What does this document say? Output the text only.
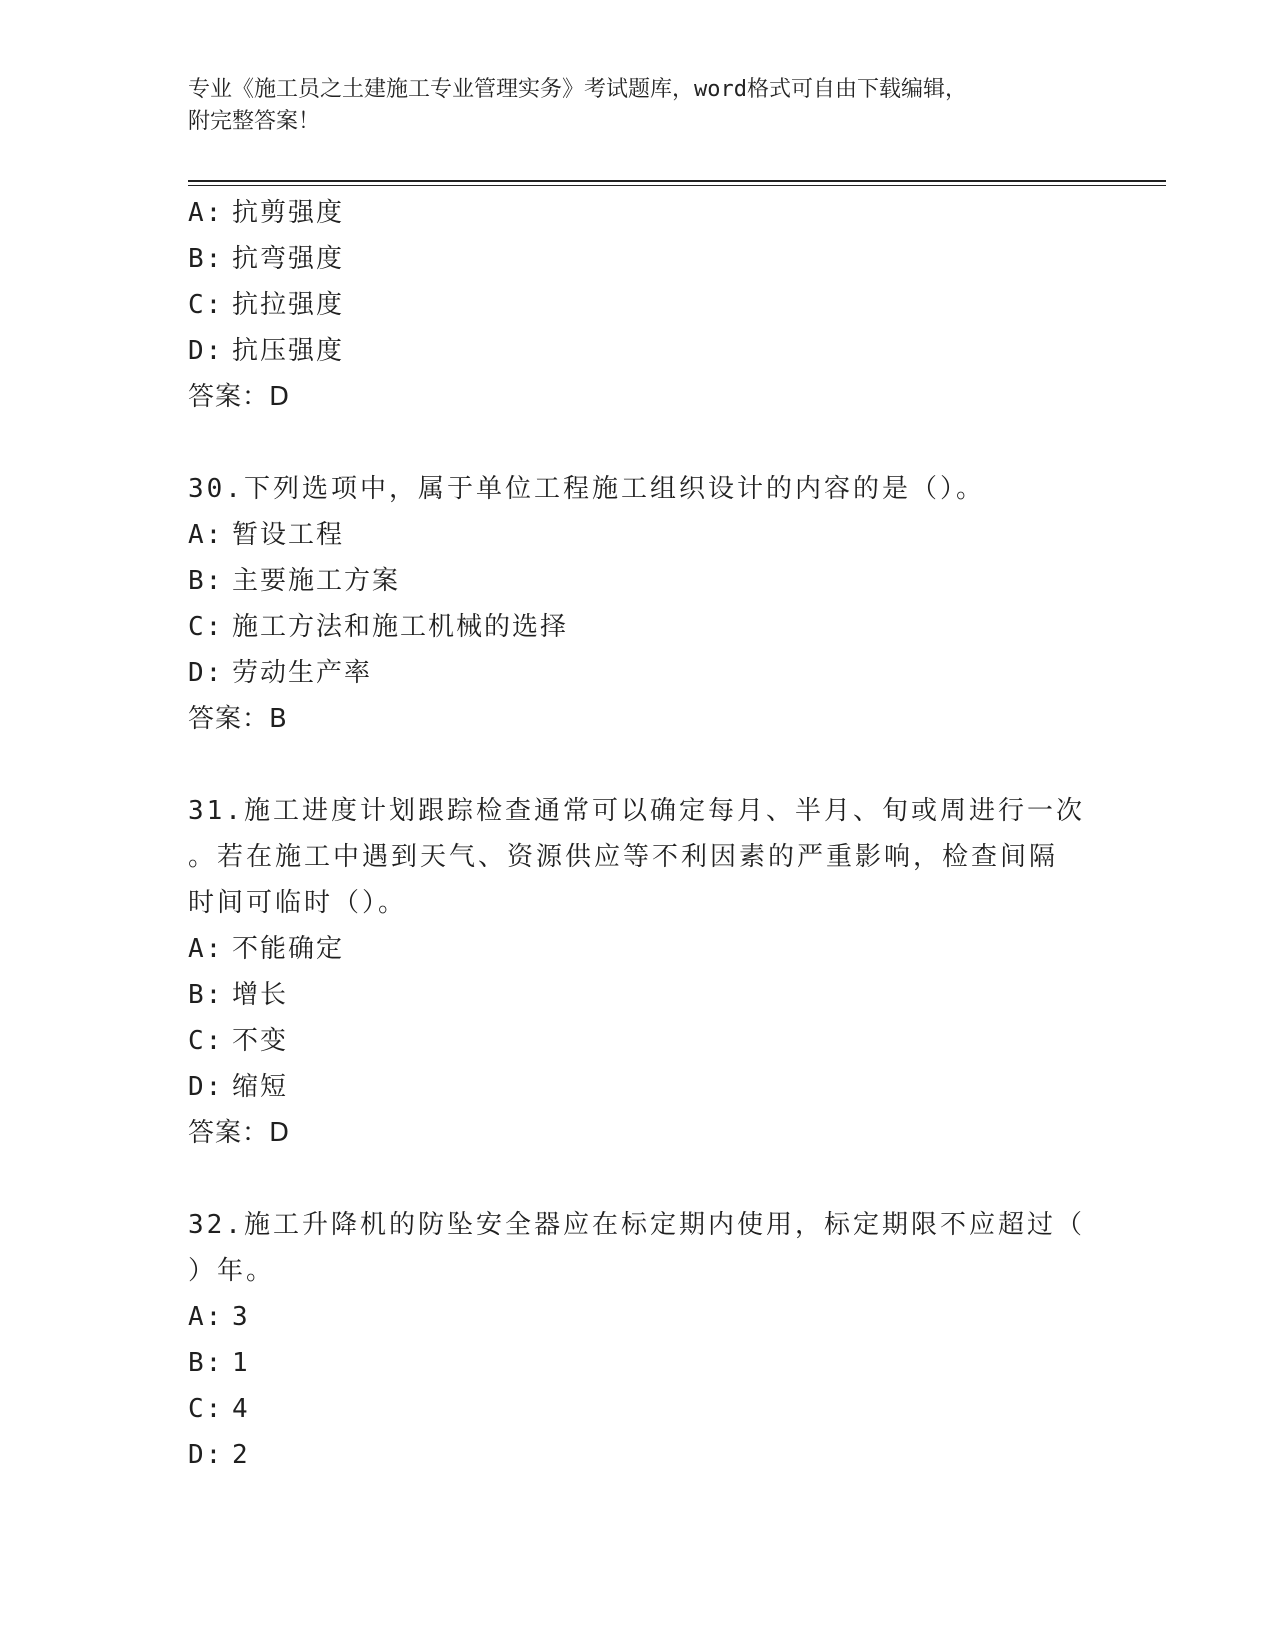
专业《施工员之土建施工专业管理实务》考试题库，word格式可自由下载编辑，

附完整答案！

A: 抗剪强度
B: 抗弯强度
C: 抗拉强度
D: 抗压强度
答案：D
30.下列选项中，属于单位工程施工组织设计的内容的是（）。
A: 暂设工程
B: 主要施工方案
C: 施工方法和施工机械的选择
D: 劳动生产率
答案：B
31.施工进度计划跟踪检查通常可以确定每月、半月、旬或周进行一次
。若在施工中遇到天气、资源供应等不利因素的严重影响，检查间隔
时间可临时（）。
A: 不能确定
B: 增长
C: 不变
D: 缩短
答案：D
32.施工升降机的防坠安全器应在标定期内使用，标定期限不应超过（
）年。
A: 3
B: 1
C: 4
D: 2
